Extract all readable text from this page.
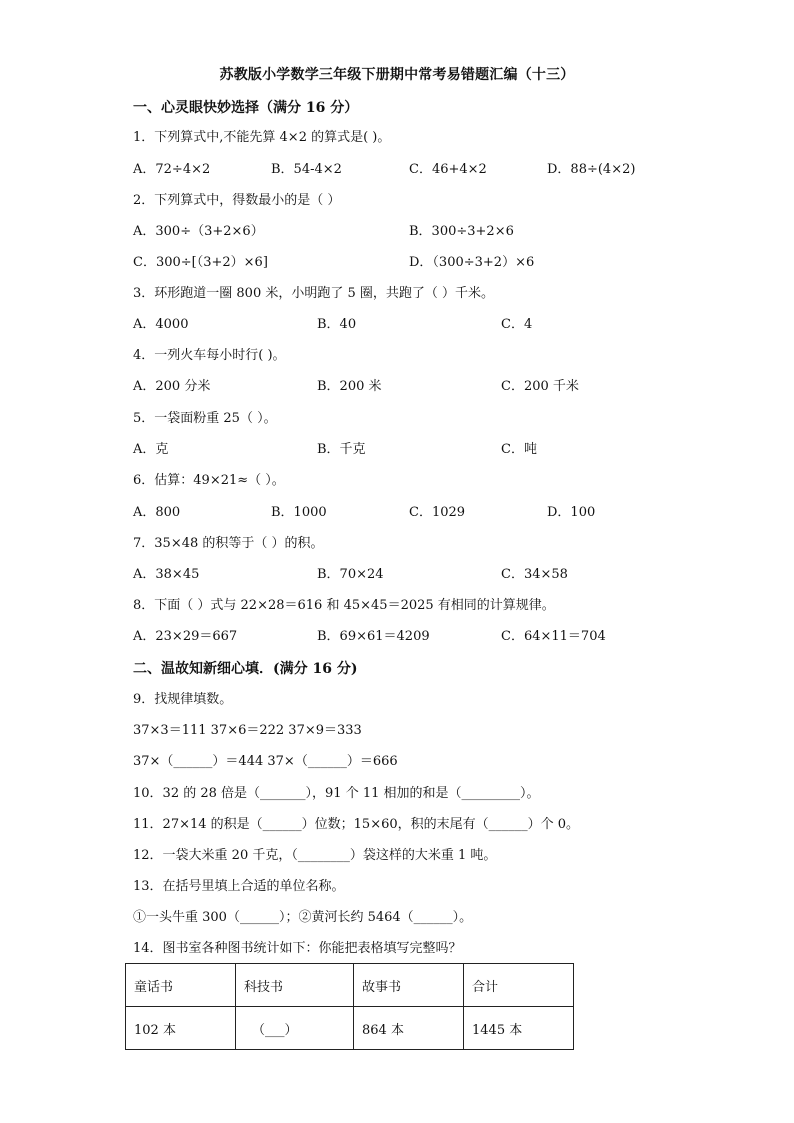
苏教版小学数学三年级下册期中常考易错题汇编（十三）
一、心灵眼快妙选择（满分 16 分）
1．下列算式中,不能先算 4×2 的算式是( )。
A．72÷4×2	B．54-4×2	C．46+4×2	D．88÷(4×2)
2．下列算式中，得数最小的是（ ）
A．300÷（3+2×6）	B．300÷3+2×6
C．300÷[（3+2）×6]	D．（300÷3+2）×6
3．环形跑道一圈 800 米，小明跑了 5 圈，共跑了（ ）千米。
A．4000	B．40	C．4
4．一列火车每小时行( )。
A．200 分米	B．200 米	C．200 千米
5．一袋面粉重 25（ ）。
A．克	B．千克	C．吨
6．估算：49×21≈（ ）。
A．800	B．1000	C．1029	D．100
7．35×48 的积等于（ ）的积。
A．38×45	B．70×24	C．34×58
8．下面（ ）式与 22×28＝616 和 45×45＝2025 有相同的计算规律。
A．23×29＝667	B．69×61＝4209	C．64×11＝704
二、温故知新细心填．(满分 16 分)
9．找规律填数。
37×3＝111 37×6＝222 37×9＝333
37×（______）＝444 37×（______）＝666
10．32 的 28 倍是（_______），91 个 11 相加的和是（_________）。
11．27×14 的积是（______）位数；15×60，积的末尾有（______）个 0。
12．一袋大米重 20 千克，（________）袋这样的大米重 1 吨。
13．在括号里填上合适的单位名称。
①一头牛重 300（______）；②黄河长约 5464（______）。
14．图书室各种图书统计如下：你能把表格填写完整吗？
童话书	科技书	故事书	合计
102 本	（___）	864 本	1445 本
